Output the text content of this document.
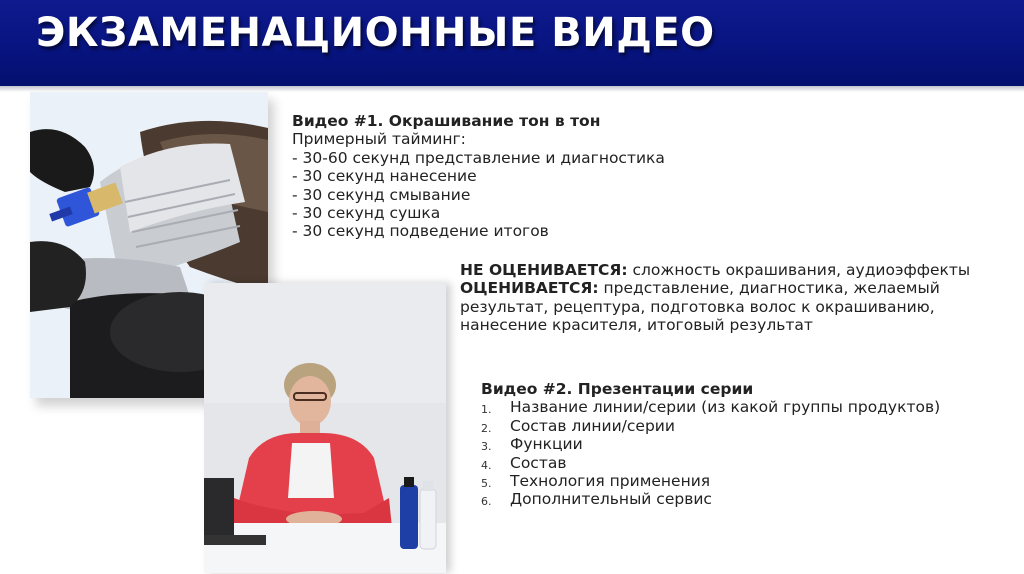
ЭКЗАМЕНАЦИОННЫЕ ВИДЕО
Видео #1. Окрашивание тон в тон
Примерный тайминг:
- 30-60 секунд представление и диагностика
- 30 секунд нанесение
- 30 секунд смывание
- 30 секунд сушка
- 30 секунд подведение итогов
НЕ ОЦЕНИВАЕТСЯ: сложность окрашивания, аудиоэффекты
ОЦЕНИВАЕТСЯ: представление, диагностика, желаемый
результат, рецептура, подготовка волос к окрашиванию,
нанесение красителя, итоговый результат
Видео #2. Презентации серии
1. Название линии/серии (из какой группы продуктов)
2. Состав линии/серии
3. Функции
4. Состав
5. Технология применения
6. Дополнительный сервис
